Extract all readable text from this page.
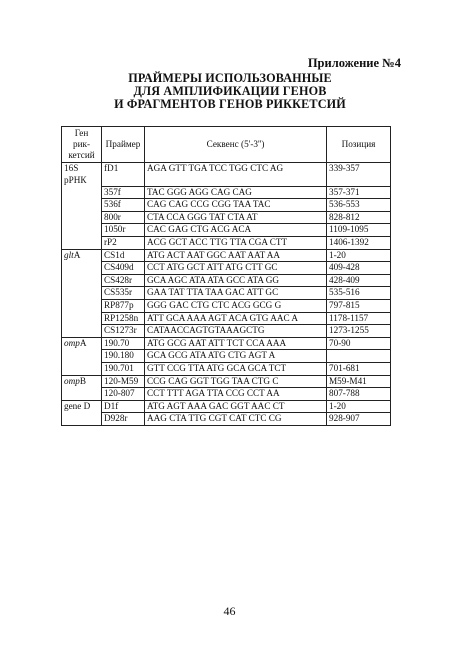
Приложение №4

ПРАЙМЕРЫ ИСПОЛЬЗОВАННЫЕ
ДЛЯ АМПЛИФИКАЦИИ ГЕНОВ
И ФРАГМЕНТОВ ГЕНОВ РИККЕТСИЙ
Ген
рик-
кетсий	Праймер	Секвенс (5'-3'')	Позиция

16S
рРНК	fD1	AGA GTT TGA TCC TGG CTC AG	339-357
	357f	TAC GGG AGG CAG CAG	357-371
	536f	CAG CAG CCG CGG TAA TAC	536-553
	800r	CTA CCA GGG TAT CTA AT	828-812
	1050r	CAC GAG CTG ACG ACA	1109-1095
	rP2	ACG GCT ACC TTG TTA CGA CTT	1406-1392
gltA	CS1d	ATG ACT AAT GGC AAT AAT AA	1-20
	CS409d	CCT ATG GCT ATT ATG CTT GC	409-428
	CS428r	GCA AGC ATA ATA GCC ATA GG	428-409
	CS535r	GAA TAT TTA TAA GAC ATT GC	535-516
	RP877p	GGG GAC CTG CTC ACG GCG G	797-815
	RP1258n	ATT GCA AAA AGT ACA GTG AAC A	1178-1157
	CS1273r	CATAACCAGTGTAAAGCTG	1273-1255
ompA	190.70	ATG GCG AAT ATT TCT CCA AAA	70-90
	190.180	GCA GCG ATA ATG CTG AGT A	
	190.701	GTT CCG TTA ATG GCA GCA TCT	701-681
ompB	120-M59	CCG CAG GGT TGG TAA CTG C	M59-M41
	120-807	CCT TTT AGA TTA CCG CCT AA	807-788

gene D	D1f	ATG AGT AAA GAC GGT AAC CT	1-20
	D928r	AAG CTA TTG CGT CAT CTC CG	928-907
46
